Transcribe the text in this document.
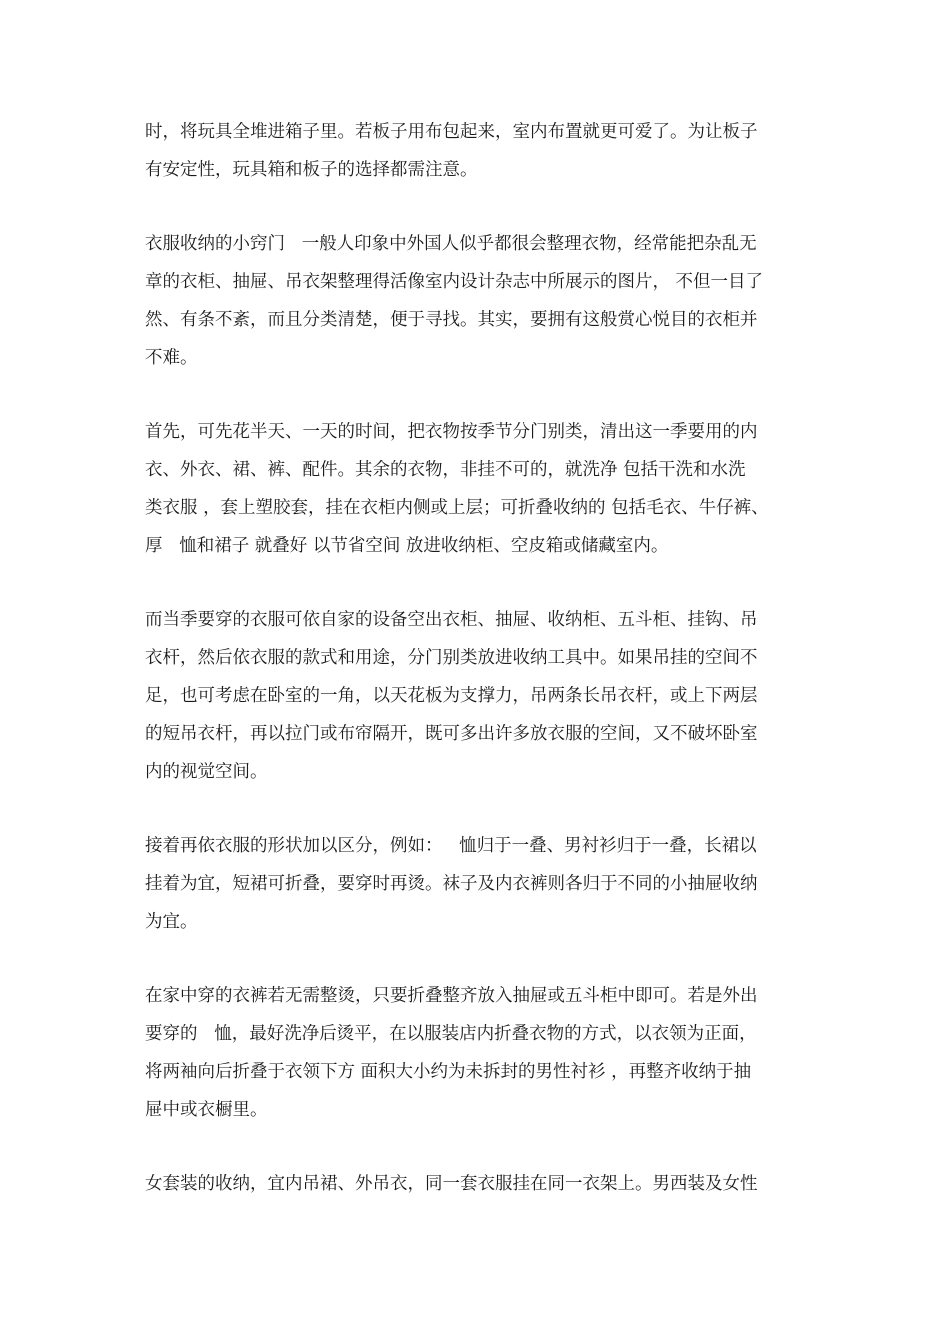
时，将玩具全堆进箱子里。若板子用布包起来，室内布置就更可爱了。为让板子
有安定性，玩具箱和板子的选择都需注意。
衣服收纳的小窍门   一般人印象中外国人似乎都很会整理衣物，经常能把杂乱无
章的衣柜、抽屉、吊衣架整理得活像室内设计杂志中所展示的图片， 不但一目了
然、有条不紊，而且分类清楚，便于寻找。其实，要拥有这般赏心悦目的衣柜并
不难。
首先，可先花半天、一天的时间，把衣物按季节分门别类，清出这一季要用的内
衣、外衣、裙、裤、配件。其余的衣物，非挂不可的，就洗净 包括干洗和水洗
类衣服 ，套上塑胶套，挂在衣柜内侧或上层；可折叠收纳的 包括毛衣、牛仔裤、
厚   恤和裙子 就叠好 以节省空间 放进收纳柜、空皮箱或储藏室内。
而当季要穿的衣服可依自家的设备空出衣柜、抽屉、收纳柜、五斗柜、挂钩、吊
衣杆，然后依衣服的款式和用途，分门别类放进收纳工具中。如果吊挂的空间不
足，也可考虑在卧室的一角，以天花板为支撑力，吊两条长吊衣杆，或上下两层
的短吊衣杆，再以拉门或布帘隔开，既可多出许多放衣服的空间，又不破坏卧室
内的视觉空间。
接着再依衣服的形状加以区分，例如：   恤归于一叠、男衬衫归于一叠，长裙以
挂着为宜，短裙可折叠，要穿时再烫。袜子及内衣裤则各归于不同的小抽屉收纳
为宜。
在家中穿的衣裤若无需整烫，只要折叠整齐放入抽屉或五斗柜中即可。若是外出
要穿的   恤，最好洗净后烫平，在以服装店内折叠衣物的方式，以衣领为正面，
将两袖向后折叠于衣领下方 面积大小约为未拆封的男性衬衫 ，再整齐收纳于抽
屉中或衣橱里。
女套装的收纳，宜内吊裙、外吊衣，同一套衣服挂在同一衣架上。男西装及女性
